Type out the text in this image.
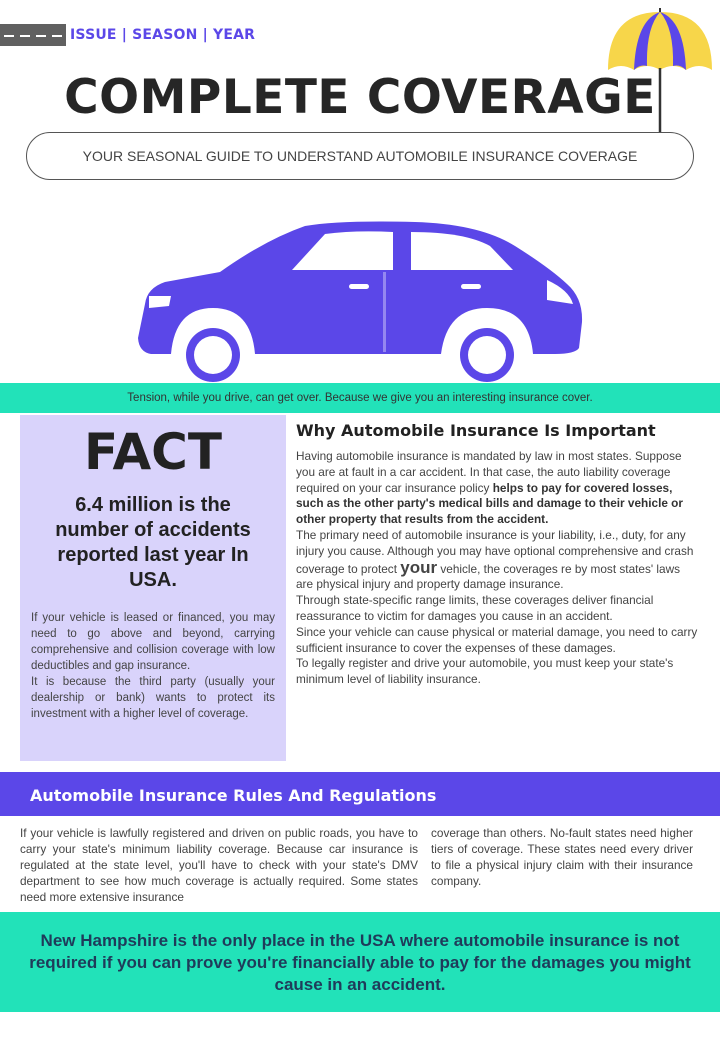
ISSUE | SEASON | YEAR
COMPLETE COVERAGE
YOUR SEASONAL GUIDE TO UNDERSTAND AUTOMOBILE INSURANCE COVERAGE
Tension, while you drive, can get over. Because we give you an interesting insurance cover.
FACT
6.4 million is the number of accidents reported last year In USA.
If your vehicle is leased or financed, you may need to go above and beyond, carrying comprehensive and collision coverage with low deductibles and gap insurance.
It is because the third party (usually your dealership or bank) wants to protect its investment with a higher level of coverage.
Why Automobile Insurance Is Important

Having automobile insurance is mandated by law in most states. Suppose you are at fault in a car accident. In that case, the auto liability coverage required on your car insurance policy helps to pay for covered losses, such as the other party's medical bills and damage to their vehicle or other property that results from the accident.

The primary need of automobile insurance is your liability, i.e., duty, for any injury you cause. Although you may have optional comprehensive and crash coverage to protect your vehicle, the coverages re by most states' laws are physical injury and property damage insurance.

Through state-specific range limits, these coverages deliver financial reassurance to victim for damages you cause in an accident.

Since your vehicle can cause physical or material damage, you need to carry sufficient insurance to cover the expenses of these damages.

To legally register and drive your automobile, you must keep your state's minimum level of liability insurance.

Automobile Insurance Rules And Regulations
If your vehicle is lawfully registered and driven on public roads, you have to carry your state's minimum liability coverage. Because car insurance is regulated at the state level, you'll have to check with your state's DMV department to see how much coverage is actually required. Some states need more extensive insurance
coverage than others. No-fault states need higher tiers of coverage. These states need every driver to file a physical injury claim with their insurance company.
New Hampshire is the only place in the USA where automobile insurance is not required if you can prove you're financially able to pay for the damages you might cause in an accident.
